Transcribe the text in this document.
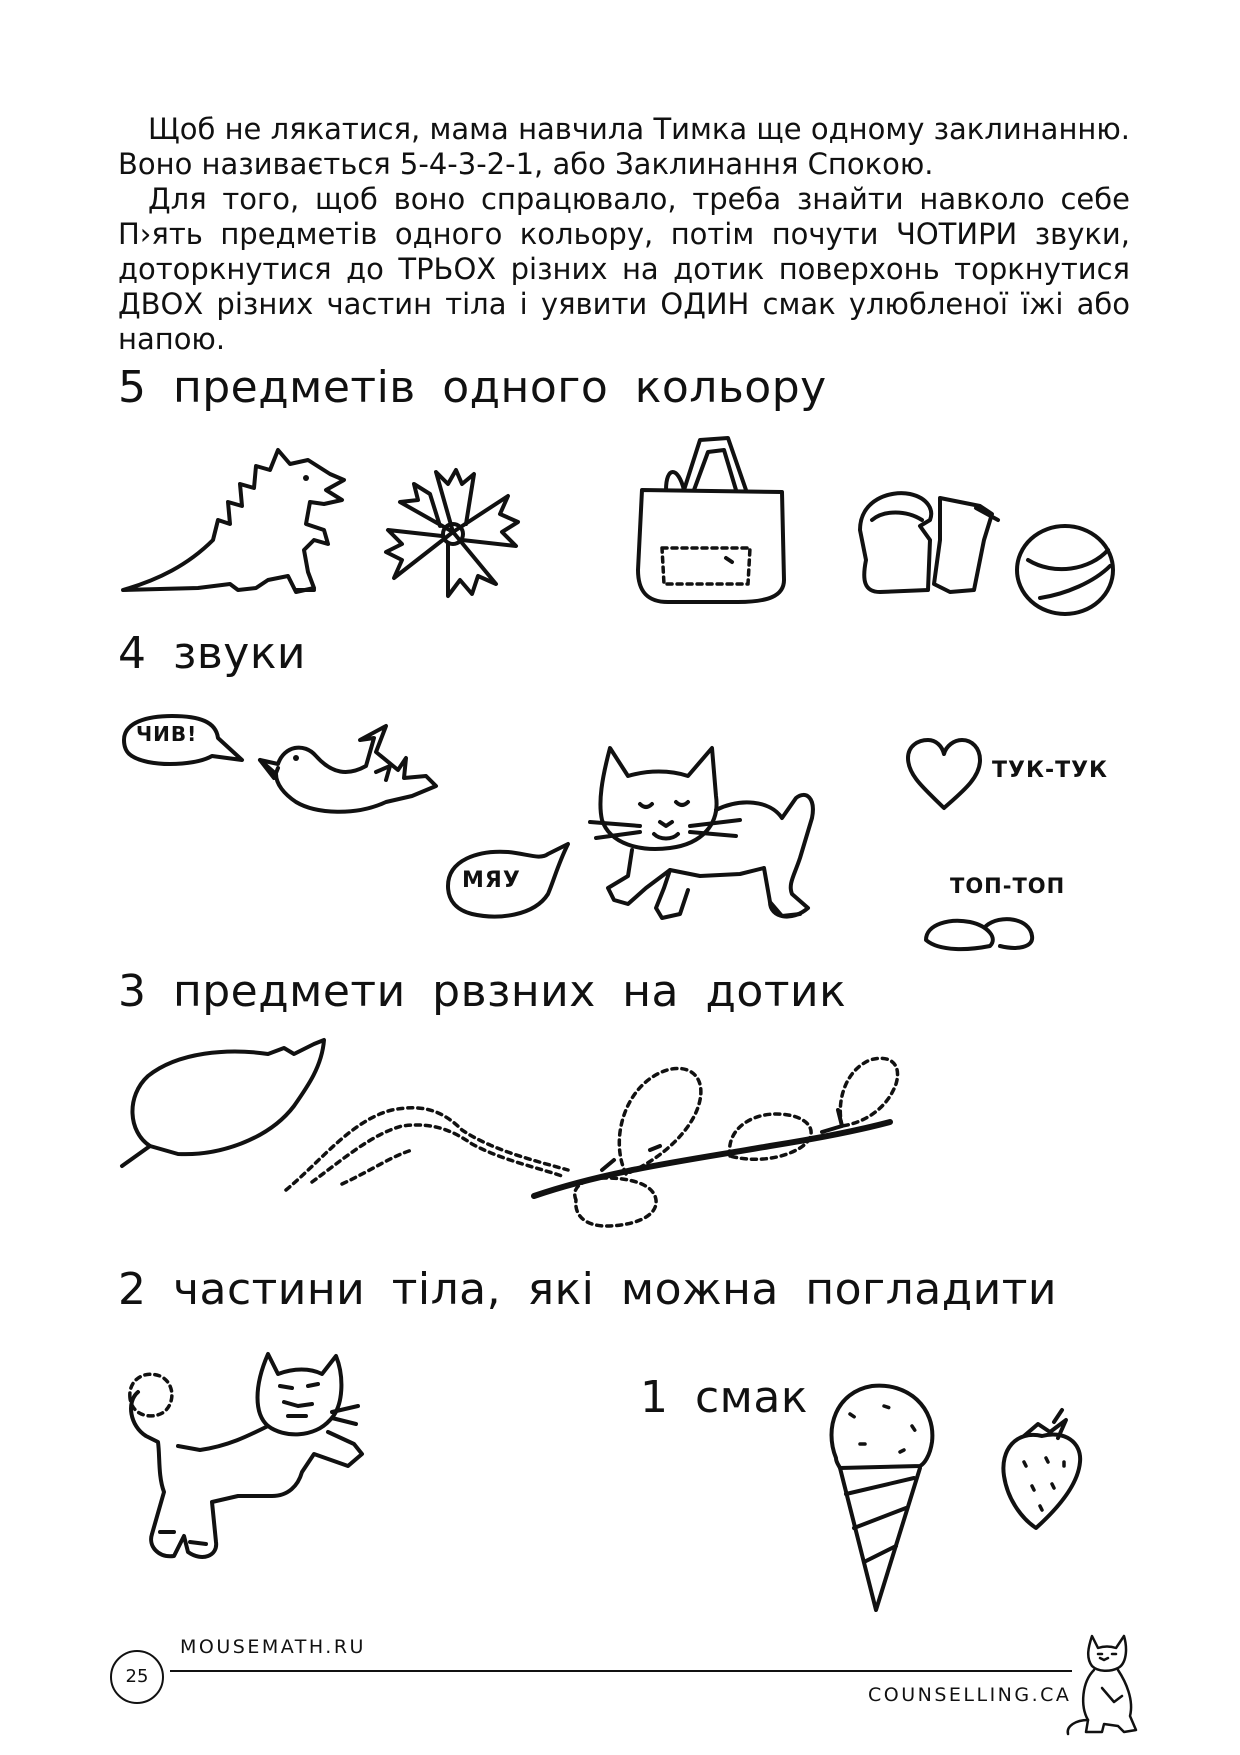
Щоб не лякатися, мама навчила Тимка ще одному заклинанню. Воно називається 5-4-3-2-1, або Заклинання Спокою.

Для того, щоб воно спрацювало, треба знайти навколо себе П›ять предметів одного кольору, потім почути ЧОТИРИ звуки, доторкнутися до ТРЬОХ різних на дотик поверхонь торкнутися ДВОХ різних частин тіла і уявити ОДИН смак улюбленої їжі або напою.

5 предметів одного кольору
4 звуки
ЧИВ!
МЯУ
ТУК-ТУК
ТОП-ТОП
3 предмети рвзних на дотик
2 частини тіла, які можна погладити
1 смак
25
MOUSEMATH.RU
COUNSELLING.CA
